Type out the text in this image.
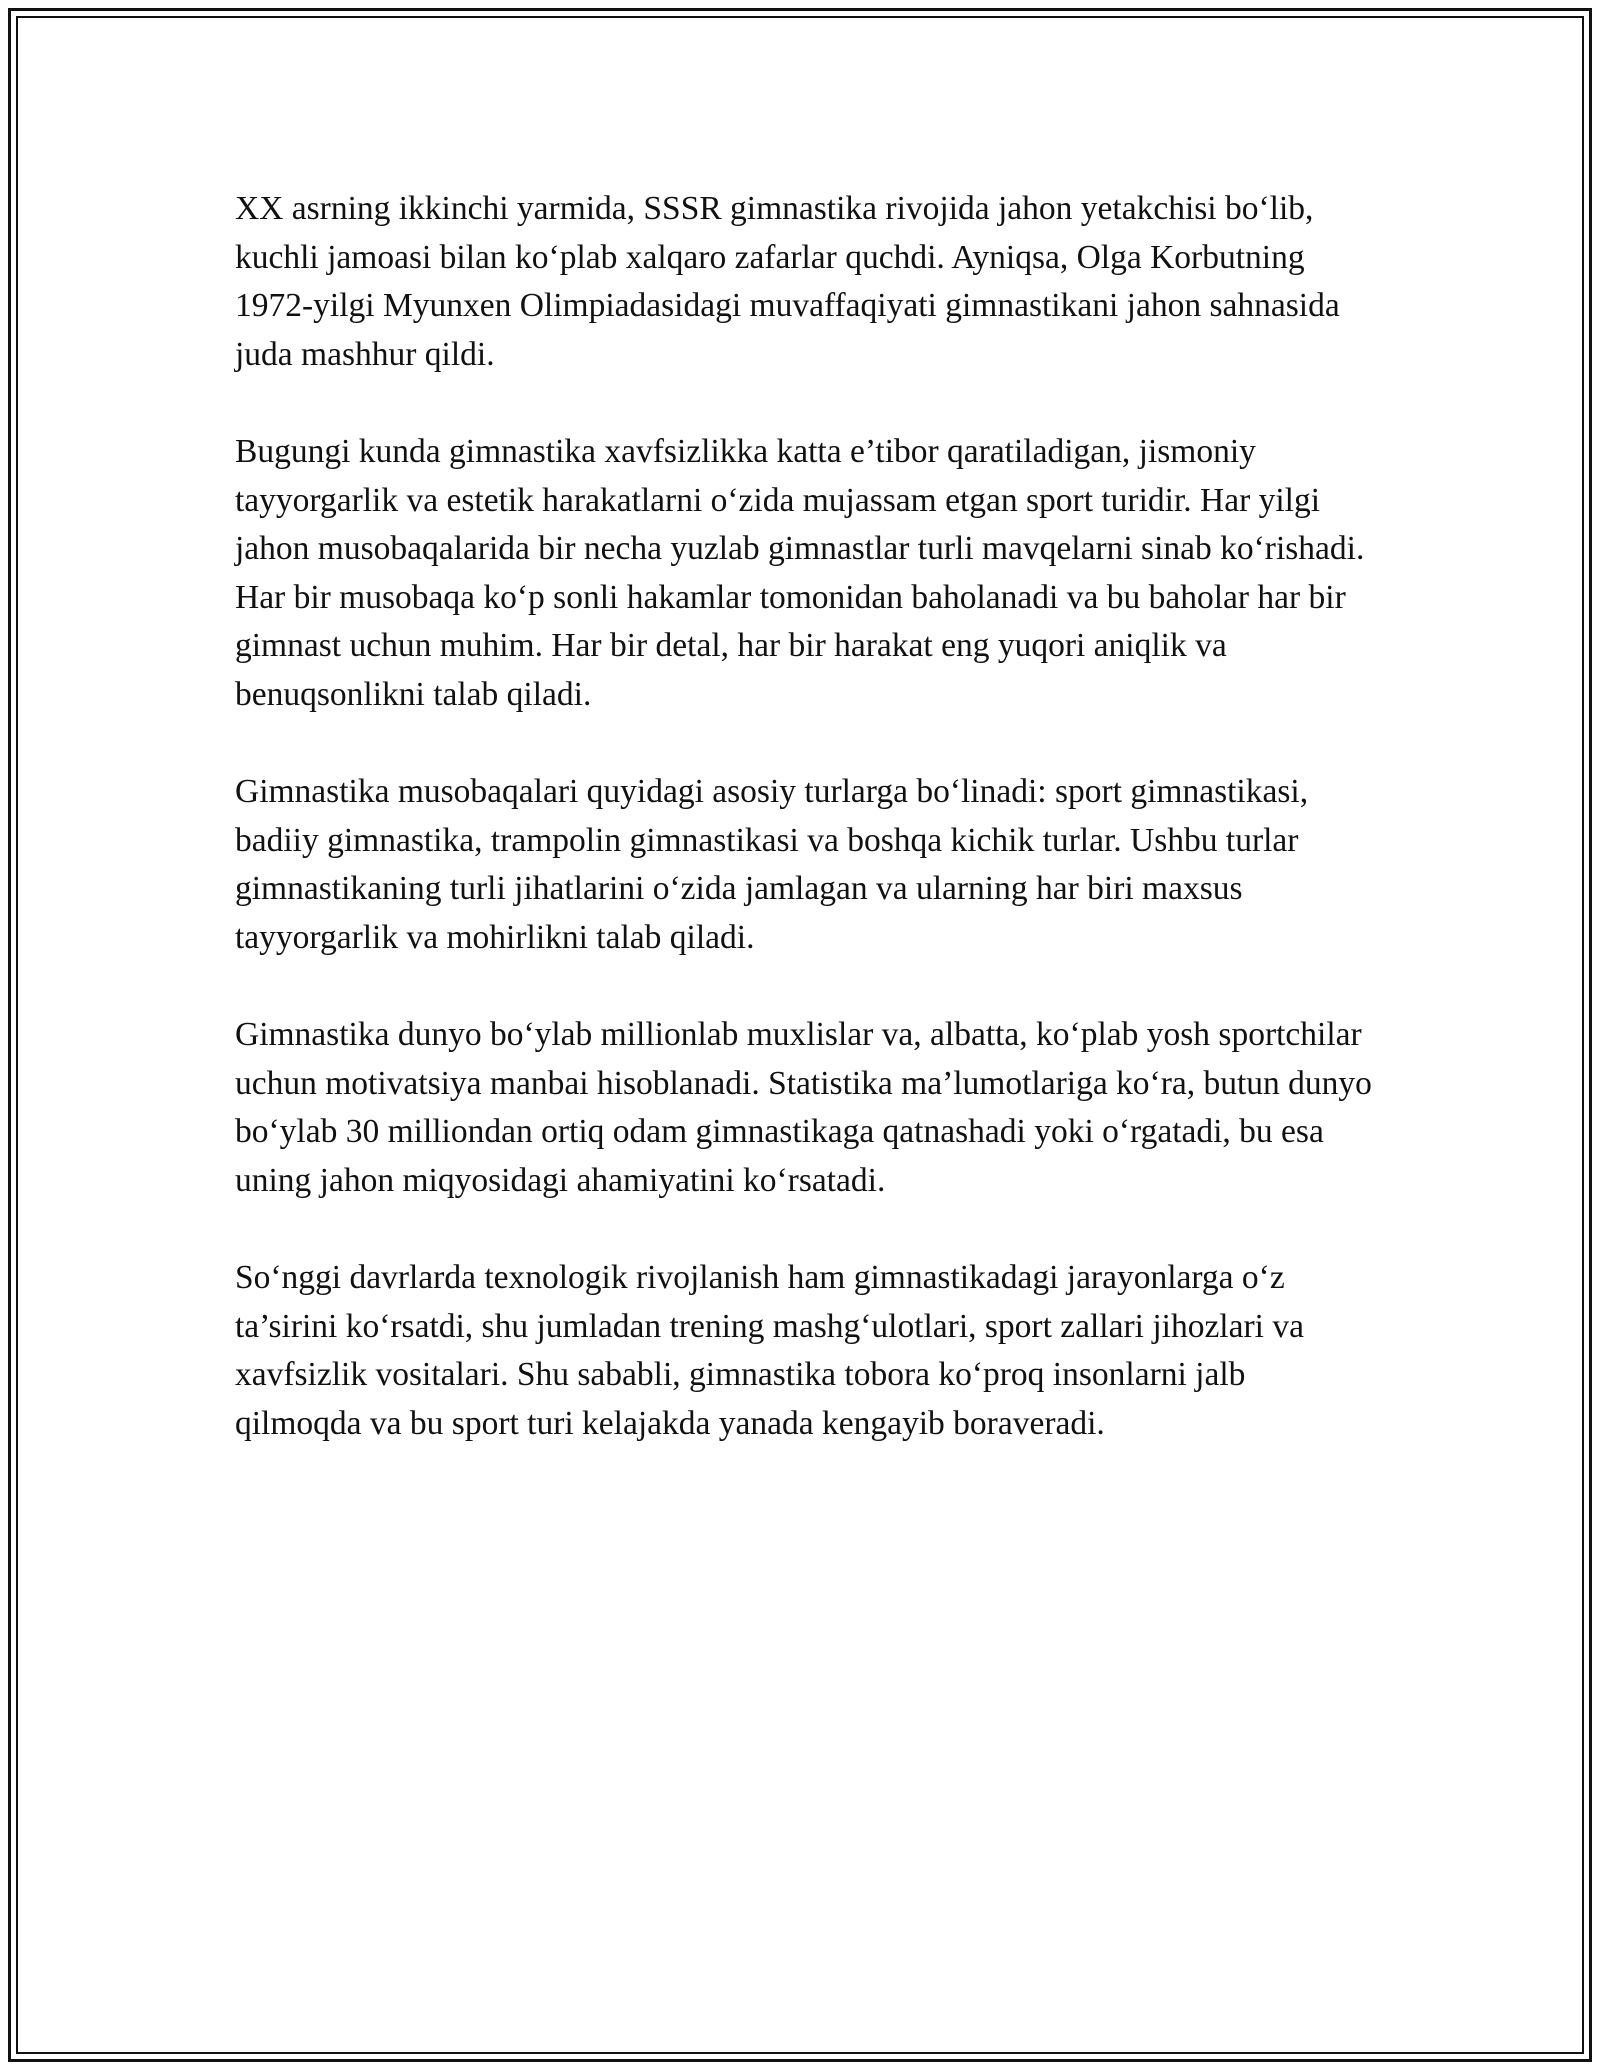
XX asrning ikkinchi yarmida, SSSR gimnastika rivojida jahon yetakchisi bo‘lib, kuchli jamoasi bilan ko‘plab xalqaro zafarlar quchdi. Ayniqsa, Olga Korbutning 1972-yilgi Myunxen Olimpiadasidagi muvaffaqiyati gimnastikani jahon sahnasida juda mashhur qildi.

Bugungi kunda gimnastika xavfsizlikka katta e’tibor qaratiladigan, jismoniy tayyorgarlik va estetik harakatlarni o‘zida mujassam etgan sport turidir. Har yilgi jahon musobaqalarida bir necha yuzlab gimnastlar turli mavqelarni sinab ko‘rishadi. Har bir musobaqa ko‘p sonli hakamlar tomonidan baholanadi va bu baholar har bir gimnast uchun muhim. Har bir detal, har bir harakat eng yuqori aniqlik va benuqsonlikni talab qiladi.

Gimnastika musobaqalari quyidagi asosiy turlarga bo‘linadi: sport gimnastikasi, badiiy gimnastika, trampolin gimnastikasi va boshqa kichik turlar. Ushbu turlar gimnastikaning turli jihatlarini o‘zida jamlagan va ularning har biri maxsus tayyorgarlik va mohirlikni talab qiladi.

Gimnastika dunyo bo‘ylab millionlab muxlislar va, albatta, ko‘plab yosh sportchilar uchun motivatsiya manbai hisoblanadi. Statistika ma’lumotlariga ko‘ra, butun dunyo bo‘ylab 30 milliondan ortiq odam gimnastikaga qatnashadi yoki o‘rgatadi, bu esa uning jahon miqyosidagi ahamiyatini ko‘rsatadi.

So‘nggi davrlarda texnologik rivojlanish ham gimnastikadagi jarayonlarga o‘z ta’sirini ko‘rsatdi, shu jumladan trening mashg‘ulotlari, sport zallari jihozlari va xavfsizlik vositalari. Shu sababli, gimnastika tobora ko‘proq insonlarni jalb qilmoqda va bu sport turi kelajakda yanada kengayib boraveradi.
